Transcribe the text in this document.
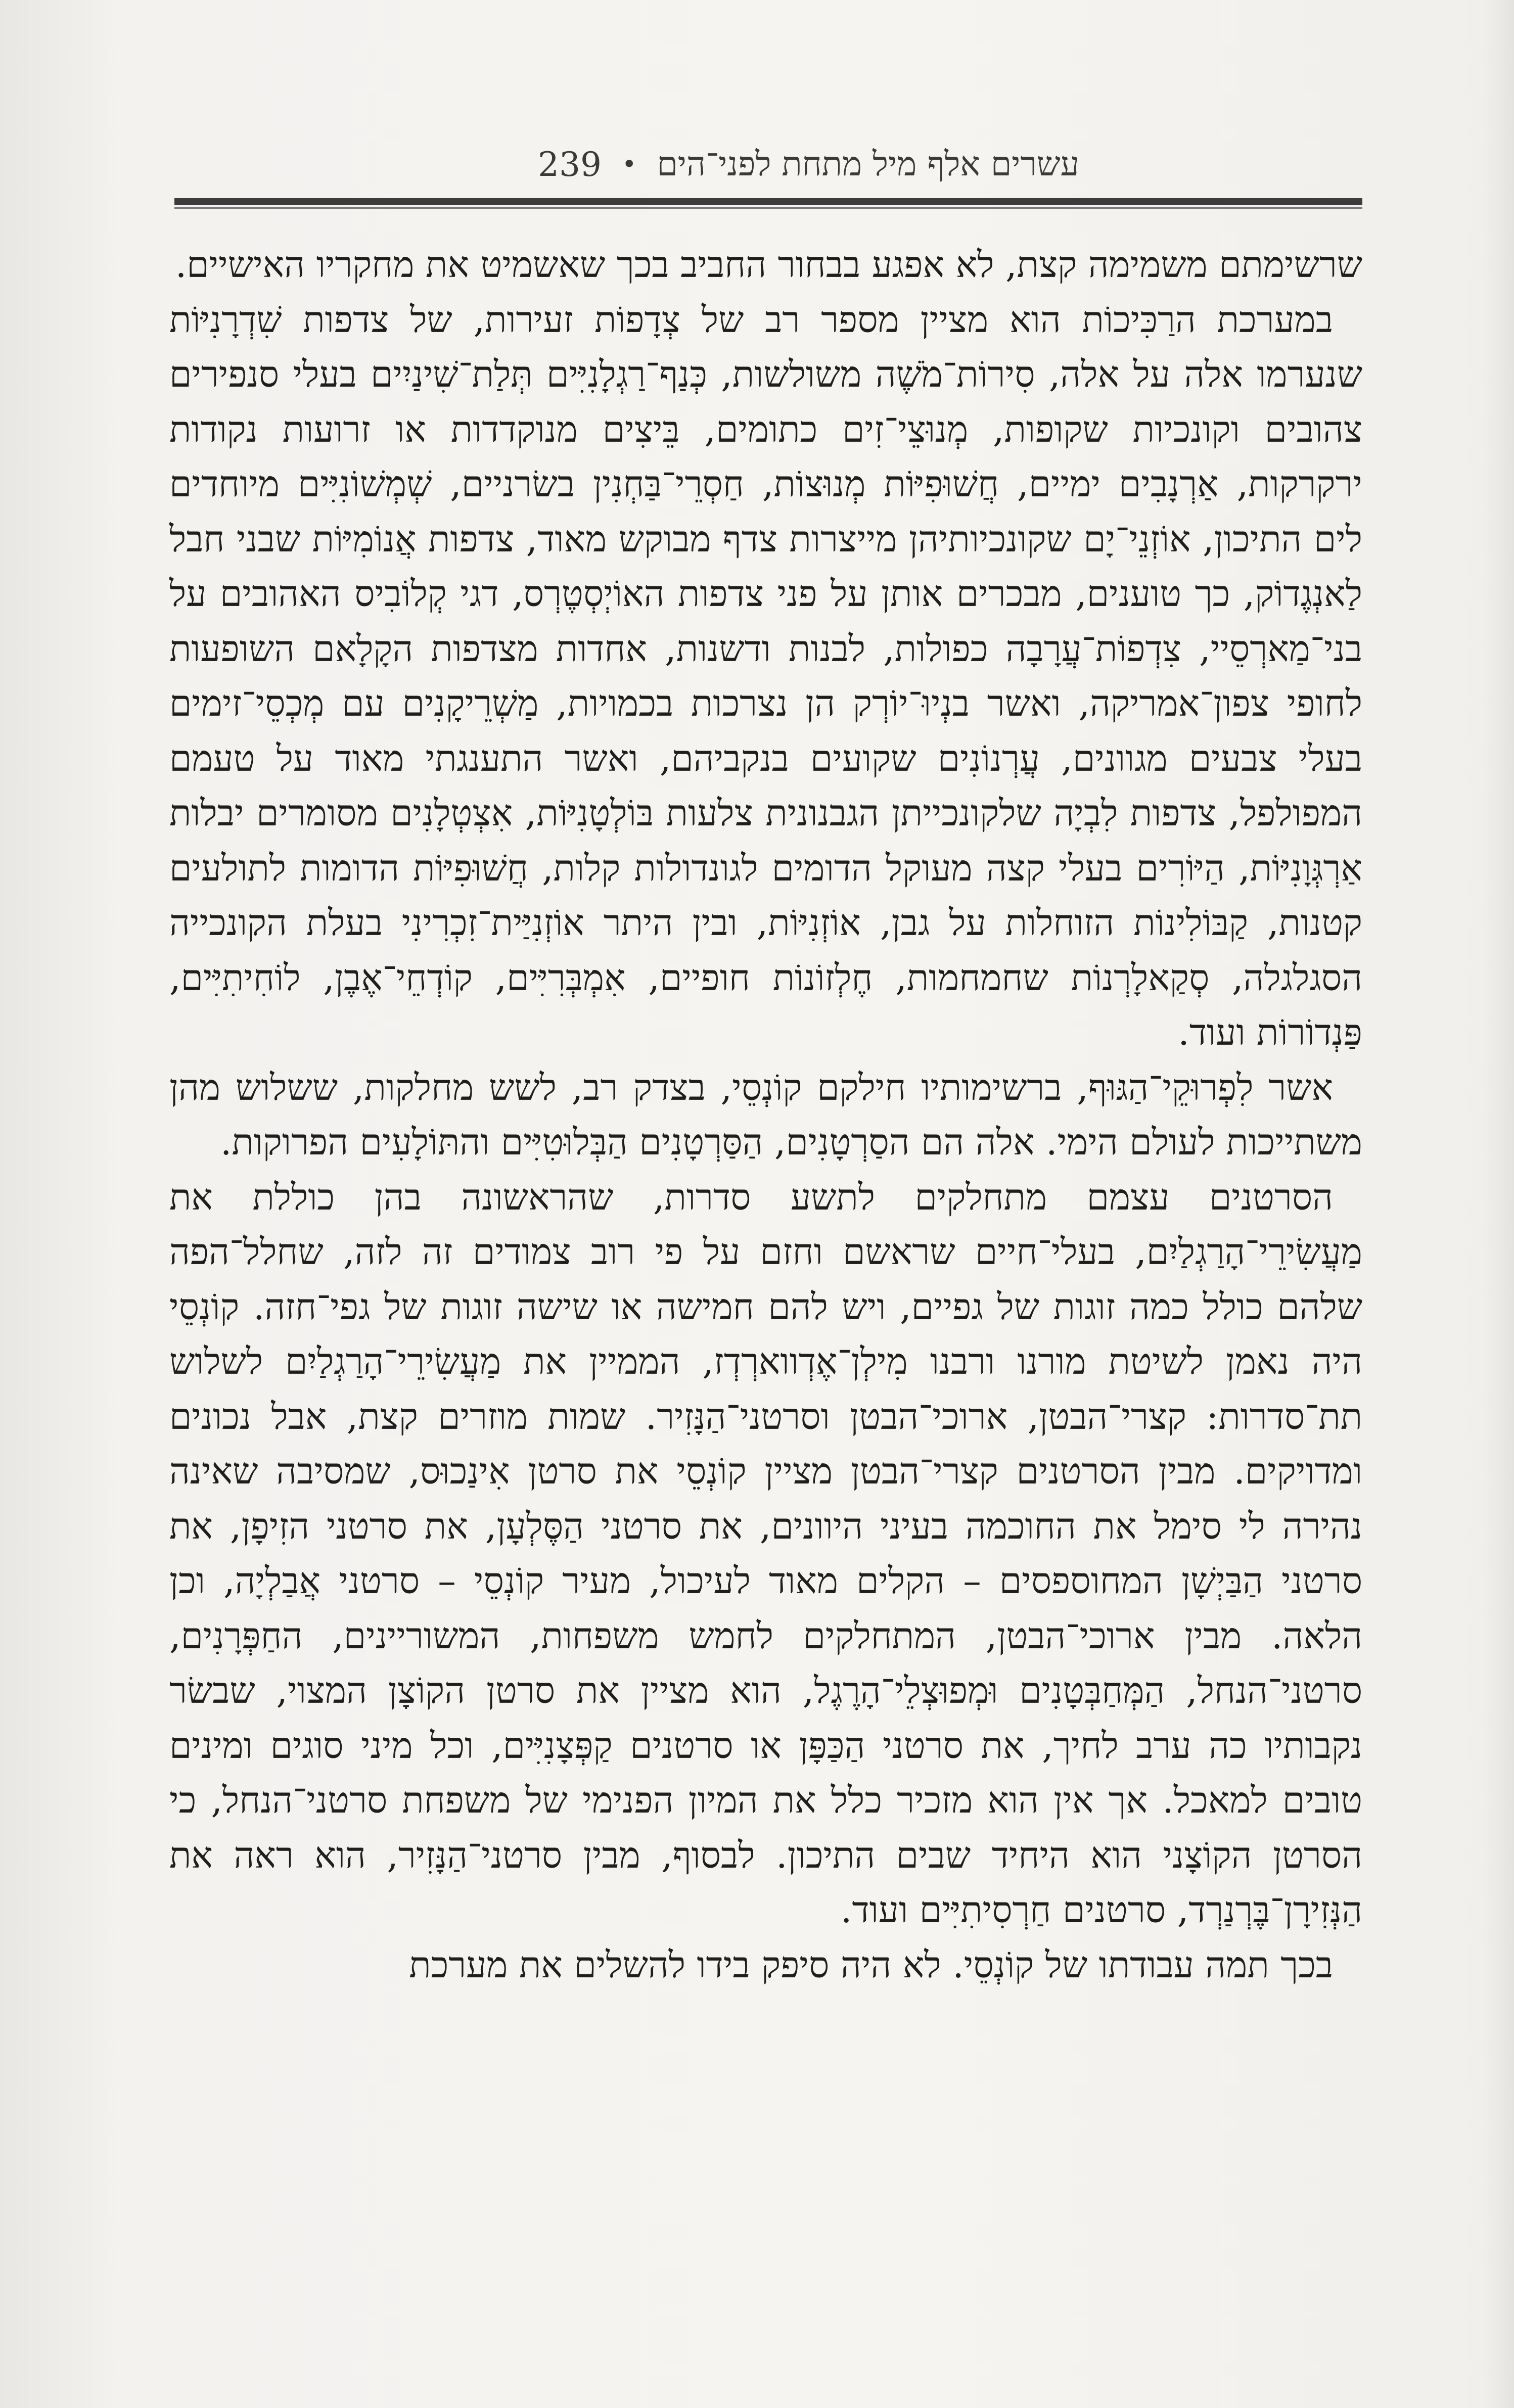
עשרים אלף מיל מתחת לפני־הים
•
239

שרשימתם משמימה קצת, לא אפגע בבחור החביב בכך שאשמיט את מחקריו האישיים.

במערכת הרַכִּיכוֹת הוא מציין מספר רב של צְדָפוֹת זעירות, של צדפות שִׁדְרָנִיּוֹת שנערמו אלה על אלה, סִירוֹת־מֹשֶׁה משולשות, כְּנַף־רַגְלָנִיִּים תְּלַת־שִׁינַיִים בעלי סנפירים צהובים וקונכיות שקופות, מְנוּצֵי־זִים כתומים, בֵּיצִים מנוקדדות או זרועות נקודות ירקרקות, אַרְנָבִים ימיים, חֲשׁוּפִיּוֹת מְנוּצוֹת, חַסְרֵי־בַּחְנִין בשׂרניים, שְׁמְשׁוֹנִיִּים מיוחדים לים התיכון, אוֹזְנֵי־יָם שקונכיותיהן מייצרות צדף מבוקש מאוד, צדפות אֲנוֹמִיּוֹת שבני חבל לַאנְגֶדוֹק, כך טוענים, מבכרים אותן על פני צדפות האוֹיְסְטֶרְס, דגי קְלוֹבִיס האהובים על בני־מַארְסֵיי, צִדְפוֹת־עֲרָבָה כפולות, לבנות ודשנות, אחדות מצדפות הקָלָאם השופעות לחופי צפון־אמריקה, ואשר בנְיוּ־יוֹרְק הן נצרכות בכמויות, מַשְׁרֵיקָנִים עם מְכְסֵי־זימים בעלי צבעים מגוונים, עֲרְנוֹנִים שקועים בנקביהם, ואשר התענגתי מאוד על טעמם המפולפל, צדפות לִבְיָה שלקונכייתן הגבנונית צלעות בּוֹלְטָנִיּוֹת, אִצְטְלָנִים מסומרים יבלות אַרְגְּוָנִיּוֹת, הַיּוֹרִים בעלי קצה מעוקל הדומים לגונדולות קלות, חֲשׁוּפִיּוֹת הדומות לתולעים קטנות, קַבּוֹלִינוֹת הזוחלות על גבן, אוֹזְנִיּוֹת, ובין היתר אוֹזְנִיַּית־זִכְרִינִי בעלת הקונכייה הסגלגלה, סְקַאלָרְנוֹת שחמחמות, חֶלְזוֹנוֹת חופיים, אִמְבְּרִיִּים, קוֹדְחֵי־אֶבֶן, לוֹחִיתִיִּים, פַּנְדוֹרוֹת ועוד.

אשר לִפְרוּקֵי־הַגּוּף, ברשימותיו חילקם קוֹנְסֵי, בצדק רב, לשש מחלקות, ששלוש מהן משתייכות לעולם הימי. אלה הם הסַרְטָנִים, הַסַּרְטָנִים הַבְּלוּטִיִּים והתּוֹלָעִים הפרוקות.

הסרטנים עצמם מתחלקים לתשע סדרות, שהראשונה בהן כוללת את מַעֲשִׂירֵי־הָרַגְלַיִם, בעלי־חיים שראשם וחזם על פי רוב צמודים זה לזה, שחלל־הפה שלהם כולל כמה זוגות של גפיים, ויש להם חמישה או שישה זוגות של גפי־חזה. קוֹנְסֵי היה נאמן לשיטת מורנו ורבנו מִילְן־אֶדְווארְדְז, הממיין את מַעֲשִׂירֵי־הָרַגְלַיִם לשלוש תת־סדרות: קצרי־הבטן, ארוכי־הבטן וסרטני־הַנָּזִיר. שמות מוזרים קצת, אבל נכונים ומדויקים. מבין הסרטנים קצרי־הבטן מציין קוֹנְסֵי את סרטן אִינַכוּס, שמסיבה שאינה נהירה לי סימל את החוכמה בעיני היוונים, את סרטני הַסֶּלְעָן, את סרטני הזִיפָן, את סרטני הַבַּיְשָׁן המחוספסים – הקלים מאוד לעיכול, מעיר קוֹנְסֵי – סרטני אֲבַלְיָה, וכן הלאה. מבין ארוכי־הבטן, המתחלקים לחמש משפחות, המשוריינים, החַפְּרָנִים, סרטני־הנחל, הַמְּחַבְּטָנִים וּמְפוּצְלֵי־הָרֶגֶל, הוא מציין את סרטן הקוֹצָן המצוי, שבשׂר נקבותיו כה ערב לחיך, את סרטני הַכַּפָּן או סרטנים קַפְּצָנִיִּים, וכל מיני סוגים ומינים טובים למאכל. אך אין הוא מזכיר כלל את המיון הפנימי של משפחת סרטני־הנחל, כי הסרטן הקוֹצָני הוא היחיד שבים התיכון. לבסוף, מבין סרטני־הַנָּזִיר, הוא ראה את הַנְּזִירָן־בֶּרְנַרְד, סרטנים חַרְסִיתִיִּים ועוד.

בכך תמה עבודתו של קוֹנְסֵי. לא היה סיפק בידו להשלים את מערכת
